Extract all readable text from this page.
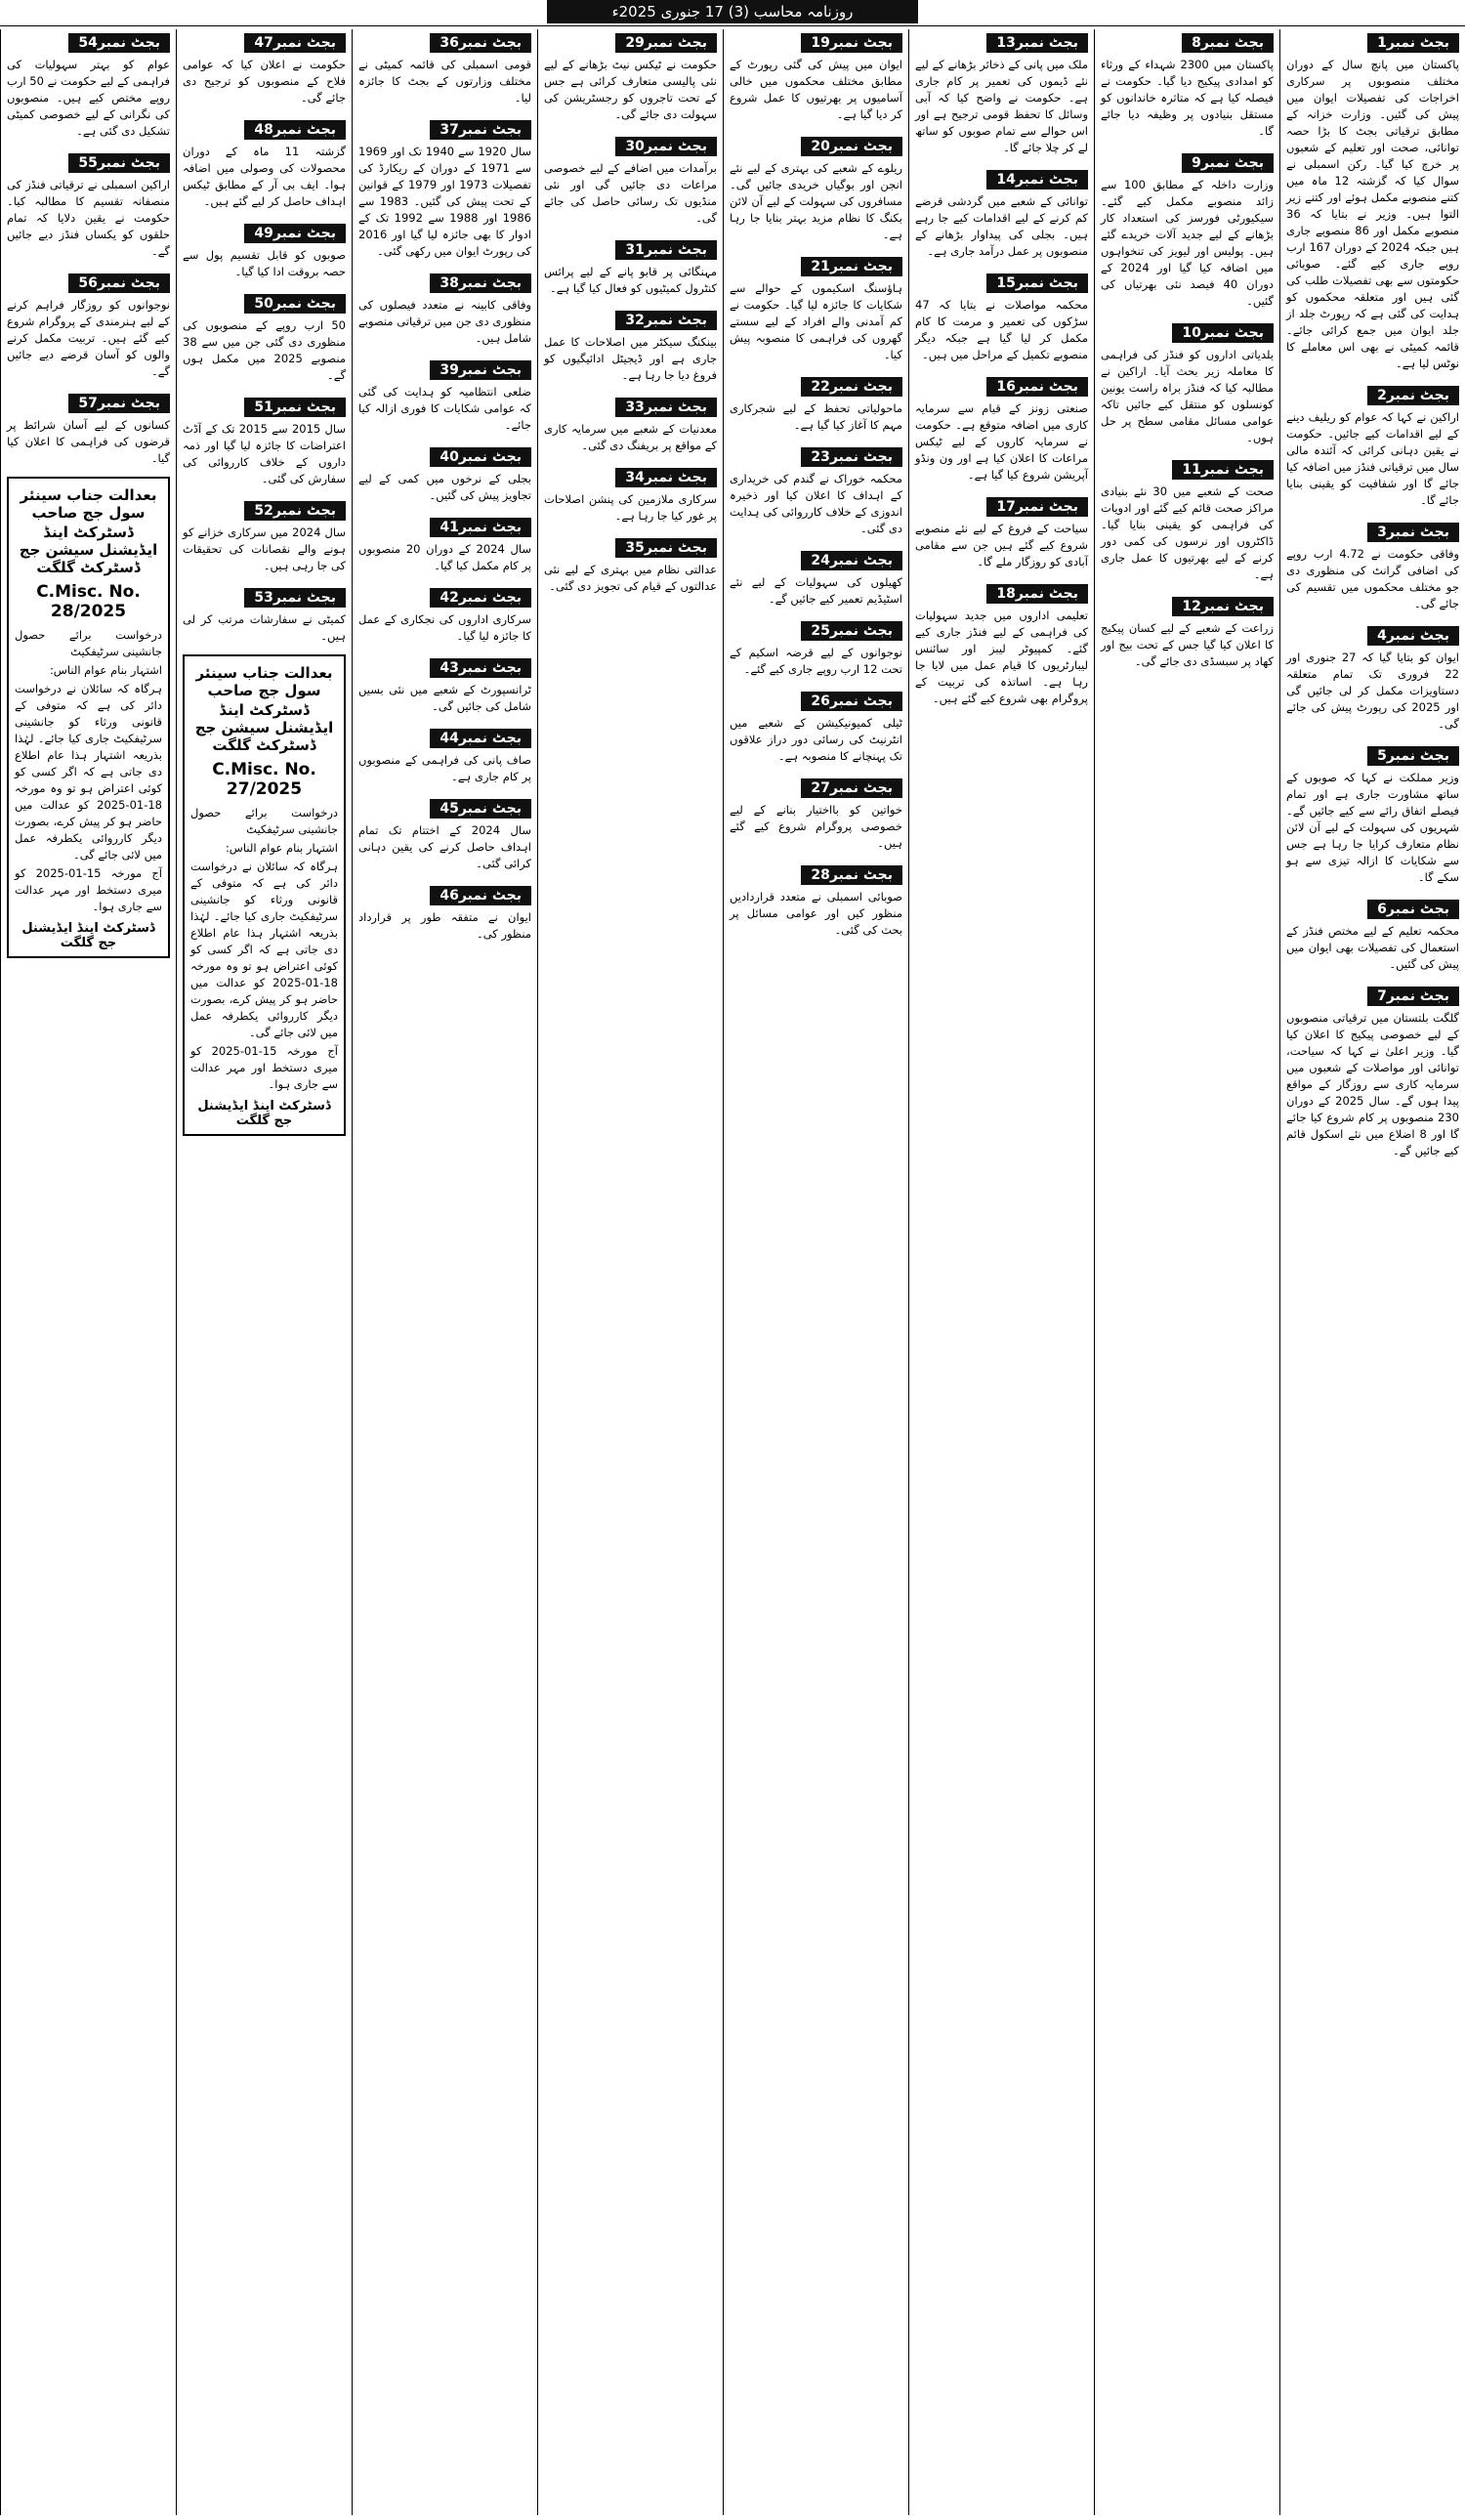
روزنامہ محاسب (3) 17 جنوری 2025ء
بجٹ نمبر1

پاکستان میں پانچ سال کے دوران مختلف منصوبوں پر سرکاری اخراجات کی تفصیلات ایوان میں پیش کی گئیں۔ وزارت خزانہ کے مطابق ترقیاتی بجٹ کا بڑا حصہ توانائی، صحت اور تعلیم کے شعبوں پر خرچ کیا گیا۔ رکن اسمبلی نے سوال کیا کہ گزشتہ 12 ماہ میں کتنے منصوبے مکمل ہوئے اور کتنے زیر التوا ہیں۔ وزیر نے بتایا کہ 36 منصوبے مکمل اور 86 منصوبے جاری ہیں جبکہ 2024 کے دوران 167 ارب روپے جاری کیے گئے۔ صوبائی حکومتوں سے بھی تفصیلات طلب کی گئی ہیں اور متعلقہ محکموں کو ہدایت کی گئی ہے کہ رپورٹ جلد از جلد ایوان میں جمع کرائی جائے۔ قائمہ کمیٹی نے بھی اس معاملے کا نوٹس لیا ہے۔

بجٹ نمبر2

اراکین نے کہا کہ عوام کو ریلیف دینے کے لیے اقدامات کیے جائیں۔ حکومت نے یقین دہانی کرائی کہ آئندہ مالی سال میں ترقیاتی فنڈز میں اضافہ کیا جائے گا اور شفافیت کو یقینی بنایا جائے گا۔

بجٹ نمبر3

وفاقی حکومت نے 4.72 ارب روپے کی اضافی گرانٹ کی منظوری دی جو مختلف محکموں میں تقسیم کی جائے گی۔

بجٹ نمبر4

ایوان کو بتایا گیا کہ 27 جنوری اور 22 فروری تک تمام متعلقہ دستاویزات مکمل کر لی جائیں گی اور 2025 کی رپورٹ پیش کی جائے گی۔

بجٹ نمبر5

وزیر مملکت نے کہا کہ صوبوں کے ساتھ مشاورت جاری ہے اور تمام فیصلے اتفاق رائے سے کیے جائیں گے۔ شہریوں کی سہولت کے لیے آن لائن نظام متعارف کرایا جا رہا ہے جس سے شکایات کا ازالہ تیزی سے ہو سکے گا۔

بجٹ نمبر6

محکمہ تعلیم کے لیے مختص فنڈز کے استعمال کی تفصیلات بھی ایوان میں پیش کی گئیں۔

بجٹ نمبر7

گلگت بلتستان میں ترقیاتی منصوبوں کے لیے خصوصی پیکیج کا اعلان کیا گیا۔ وزیر اعلیٰ نے کہا کہ سیاحت، توانائی اور مواصلات کے شعبوں میں سرمایہ کاری سے روزگار کے مواقع پیدا ہوں گے۔ سال 2025 کے دوران 230 منصوبوں پر کام شروع کیا جائے گا اور 8 اضلاع میں نئے اسکول قائم کیے جائیں گے۔

بجٹ نمبر8

پاکستان میں 2300 شہداء کے ورثاء کو امدادی پیکیج دیا گیا۔ حکومت نے فیصلہ کیا ہے کہ متاثرہ خاندانوں کو مستقل بنیادوں پر وظیفہ دیا جائے گا۔

بجٹ نمبر9

وزارت داخلہ کے مطابق 100 سے زائد منصوبے مکمل کیے گئے۔ سیکیورٹی فورسز کی استعداد کار بڑھانے کے لیے جدید آلات خریدے گئے ہیں۔ پولیس اور لیویز کی تنخواہوں میں اضافہ کیا گیا اور 2024 کے دوران 40 فیصد نئی بھرتیاں کی گئیں۔

بجٹ نمبر10

بلدیاتی اداروں کو فنڈز کی فراہمی کا معاملہ زیر بحث آیا۔ اراکین نے مطالبہ کیا کہ فنڈز براہ راست یونین کونسلوں کو منتقل کیے جائیں تاکہ عوامی مسائل مقامی سطح پر حل ہوں۔

بجٹ نمبر11

صحت کے شعبے میں 30 نئے بنیادی مراکز صحت قائم کیے گئے اور ادویات کی فراہمی کو یقینی بنایا گیا۔ ڈاکٹروں اور نرسوں کی کمی دور کرنے کے لیے بھرتیوں کا عمل جاری ہے۔

بجٹ نمبر12

زراعت کے شعبے کے لیے کسان پیکیج کا اعلان کیا گیا جس کے تحت بیج اور کھاد پر سبسڈی دی جائے گی۔

بجٹ نمبر13

ملک میں پانی کے ذخائر بڑھانے کے لیے نئے ڈیموں کی تعمیر پر کام جاری ہے۔ حکومت نے واضح کیا کہ آبی وسائل کا تحفظ قومی ترجیح ہے اور اس حوالے سے تمام صوبوں کو ساتھ لے کر چلا جائے گا۔

بجٹ نمبر14

توانائی کے شعبے میں گردشی قرضے کم کرنے کے لیے اقدامات کیے جا رہے ہیں۔ بجلی کی پیداوار بڑھانے کے منصوبوں پر عمل درآمد جاری ہے۔

بجٹ نمبر15

محکمہ مواصلات نے بتایا کہ 47 سڑکوں کی تعمیر و مرمت کا کام مکمل کر لیا گیا ہے جبکہ دیگر منصوبے تکمیل کے مراحل میں ہیں۔

بجٹ نمبر16

صنعتی زونز کے قیام سے سرمایہ کاری میں اضافہ متوقع ہے۔ حکومت نے سرمایہ کاروں کے لیے ٹیکس مراعات کا اعلان کیا ہے اور ون ونڈو آپریشن شروع کیا گیا ہے۔

بجٹ نمبر17

سیاحت کے فروغ کے لیے نئے منصوبے شروع کیے گئے ہیں جن سے مقامی آبادی کو روزگار ملے گا۔

بجٹ نمبر18

تعلیمی اداروں میں جدید سہولیات کی فراہمی کے لیے فنڈز جاری کیے گئے۔ کمپیوٹر لیبز اور سائنس لیبارٹریوں کا قیام عمل میں لایا جا رہا ہے۔ اساتذہ کی تربیت کے پروگرام بھی شروع کیے گئے ہیں۔

بجٹ نمبر19

ایوان میں پیش کی گئی رپورٹ کے مطابق مختلف محکموں میں خالی آسامیوں پر بھرتیوں کا عمل شروع کر دیا گیا ہے۔

بجٹ نمبر20

ریلوے کے شعبے کی بہتری کے لیے نئے انجن اور بوگیاں خریدی جائیں گی۔ مسافروں کی سہولت کے لیے آن لائن بکنگ کا نظام مزید بہتر بنایا جا رہا ہے۔

بجٹ نمبر21

ہاؤسنگ اسکیموں کے حوالے سے شکایات کا جائزہ لیا گیا۔ حکومت نے کم آمدنی والے افراد کے لیے سستے گھروں کی فراہمی کا منصوبہ پیش کیا۔

بجٹ نمبر22

ماحولیاتی تحفظ کے لیے شجرکاری مہم کا آغاز کیا گیا ہے۔

بجٹ نمبر23

محکمہ خوراک نے گندم کی خریداری کے اہداف کا اعلان کیا اور ذخیرہ اندوزی کے خلاف کارروائی کی ہدایت دی گئی۔

بجٹ نمبر24

کھیلوں کی سہولیات کے لیے نئے اسٹیڈیم تعمیر کیے جائیں گے۔

بجٹ نمبر25

نوجوانوں کے لیے قرضہ اسکیم کے تحت 12 ارب روپے جاری کیے گئے۔

بجٹ نمبر26

ٹیلی کمیونیکیشن کے شعبے میں انٹرنیٹ کی رسائی دور دراز علاقوں تک پہنچانے کا منصوبہ ہے۔

بجٹ نمبر27

خواتین کو بااختیار بنانے کے لیے خصوصی پروگرام شروع کیے گئے ہیں۔

بجٹ نمبر28

صوبائی اسمبلی نے متعدد قراردادیں منظور کیں اور عوامی مسائل پر بحث کی گئی۔

بجٹ نمبر29

حکومت نے ٹیکس نیٹ بڑھانے کے لیے نئی پالیسی متعارف کرائی ہے جس کے تحت تاجروں کو رجسٹریشن کی سہولت دی جائے گی۔

بجٹ نمبر30

برآمدات میں اضافے کے لیے خصوصی مراعات دی جائیں گی اور نئی منڈیوں تک رسائی حاصل کی جائے گی۔

بجٹ نمبر31

مہنگائی پر قابو پانے کے لیے پرائس کنٹرول کمیٹیوں کو فعال کیا گیا ہے۔

بجٹ نمبر32

بینکنگ سیکٹر میں اصلاحات کا عمل جاری ہے اور ڈیجیٹل ادائیگیوں کو فروغ دیا جا رہا ہے۔

بجٹ نمبر33

معدنیات کے شعبے میں سرمایہ کاری کے مواقع پر بریفنگ دی گئی۔

بجٹ نمبر34

سرکاری ملازمین کی پنشن اصلاحات پر غور کیا جا رہا ہے۔

بجٹ نمبر35

عدالتی نظام میں بہتری کے لیے نئی عدالتوں کے قیام کی تجویز دی گئی۔

بجٹ نمبر36

قومی اسمبلی کی قائمہ کمیٹی نے مختلف وزارتوں کے بجٹ کا جائزہ لیا۔

بجٹ نمبر37

سال 1920 سے 1940 تک اور 1969 سے 1971 کے دوران کے ریکارڈ کی تفصیلات 1973 اور 1979 کے قوانین کے تحت پیش کی گئیں۔ 1983 سے 1986 اور 1988 سے 1992 تک کے ادوار کا بھی جائزہ لیا گیا اور 2016 کی رپورٹ ایوان میں رکھی گئی۔

بجٹ نمبر38

وفاقی کابینہ نے متعدد فیصلوں کی منظوری دی جن میں ترقیاتی منصوبے شامل ہیں۔

بجٹ نمبر39

ضلعی انتظامیہ کو ہدایت کی گئی کہ عوامی شکایات کا فوری ازالہ کیا جائے۔

بجٹ نمبر40

بجلی کے نرخوں میں کمی کے لیے تجاویز پیش کی گئیں۔

بجٹ نمبر41

سال 2024 کے دوران 20 منصوبوں پر کام مکمل کیا گیا۔

بجٹ نمبر42

سرکاری اداروں کی نجکاری کے عمل کا جائزہ لیا گیا۔

بجٹ نمبر43

ٹرانسپورٹ کے شعبے میں نئی بسیں شامل کی جائیں گی۔

بجٹ نمبر44

صاف پانی کی فراہمی کے منصوبوں پر کام جاری ہے۔

بجٹ نمبر45

سال 2024 کے اختتام تک تمام اہداف حاصل کرنے کی یقین دہانی کرائی گئی۔

بجٹ نمبر46

ایوان نے متفقہ طور پر قرارداد منظور کی۔

بجٹ نمبر47

حکومت نے اعلان کیا کہ عوامی فلاح کے منصوبوں کو ترجیح دی جائے گی۔

بجٹ نمبر48

گزشتہ 11 ماہ کے دوران محصولات کی وصولی میں اضافہ ہوا۔ ایف بی آر کے مطابق ٹیکس اہداف حاصل کر لیے گئے ہیں۔

بجٹ نمبر49

صوبوں کو قابل تقسیم پول سے حصہ بروقت ادا کیا گیا۔

بجٹ نمبر50

50 ارب روپے کے منصوبوں کی منظوری دی گئی جن میں سے 38 منصوبے 2025 میں مکمل ہوں گے۔

بجٹ نمبر51

سال 2015 سے 2015 تک کے آڈٹ اعتراضات کا جائزہ لیا گیا اور ذمہ داروں کے خلاف کارروائی کی سفارش کی گئی۔

بجٹ نمبر52

سال 2024 میں سرکاری خزانے کو ہونے والے نقصانات کی تحقیقات کی جا رہی ہیں۔

بجٹ نمبر53

کمیٹی نے سفارشات مرتب کر لی ہیں۔

بعدالت جناب سینئر سول جج صاحب
ڈسٹرکٹ اینڈ ایڈیشنل سیشن جج ڈسٹرکٹ گلگت
C.Misc. No. 27/2025
درخواست برائے حصول جانشینی سرٹیفکیٹ
اشتہار بنام عوام الناس:
ہرگاہ کہ سائلان نے درخواست دائر کی ہے کہ متوفی کے قانونی ورثاء کو جانشینی سرٹیفکیٹ جاری کیا جائے۔ لہٰذا بذریعہ اشتہار ہذا عام اطلاع دی جاتی ہے کہ اگر کسی کو کوئی اعتراض ہو تو وہ مورخہ 18-01-2025 کو عدالت میں حاضر ہو کر پیش کرے، بصورت دیگر کارروائی یکطرفہ عمل میں لائی جائے گی۔
آج مورخہ 15-01-2025 کو میری دستخط اور مہر عدالت سے جاری ہوا۔
ڈسٹرکٹ اینڈ ایڈیشنل جج گلگت
بجٹ نمبر54

عوام کو بہتر سہولیات کی فراہمی کے لیے حکومت نے 50 ارب روپے مختص کیے ہیں۔ منصوبوں کی نگرانی کے لیے خصوصی کمیٹی تشکیل دی گئی ہے۔

بجٹ نمبر55

اراکین اسمبلی نے ترقیاتی فنڈز کی منصفانہ تقسیم کا مطالبہ کیا۔ حکومت نے یقین دلایا کہ تمام حلقوں کو یکساں فنڈز دیے جائیں گے۔

بجٹ نمبر56

نوجوانوں کو روزگار فراہم کرنے کے لیے ہنرمندی کے پروگرام شروع کیے گئے ہیں۔ تربیت مکمل کرنے والوں کو آسان قرضے دیے جائیں گے۔

بجٹ نمبر57

کسانوں کے لیے آسان شرائط پر قرضوں کی فراہمی کا اعلان کیا گیا۔

بعدالت جناب سینئر سول جج صاحب
ڈسٹرکٹ اینڈ ایڈیشنل سیشن جج ڈسٹرکٹ گلگت
C.Misc. No. 28/2025
درخواست برائے حصول جانشینی سرٹیفکیٹ
اشتہار بنام عوام الناس:
ہرگاہ کہ سائلان نے درخواست دائر کی ہے کہ متوفی کے قانونی ورثاء کو جانشینی سرٹیفکیٹ جاری کیا جائے۔ لہٰذا بذریعہ اشتہار ہذا عام اطلاع دی جاتی ہے کہ اگر کسی کو کوئی اعتراض ہو تو وہ مورخہ 18-01-2025 کو عدالت میں حاضر ہو کر پیش کرے، بصورت دیگر کارروائی یکطرفہ عمل میں لائی جائے گی۔
آج مورخہ 15-01-2025 کو میری دستخط اور مہر عدالت سے جاری ہوا۔
ڈسٹرکٹ اینڈ ایڈیشنل جج گلگت
